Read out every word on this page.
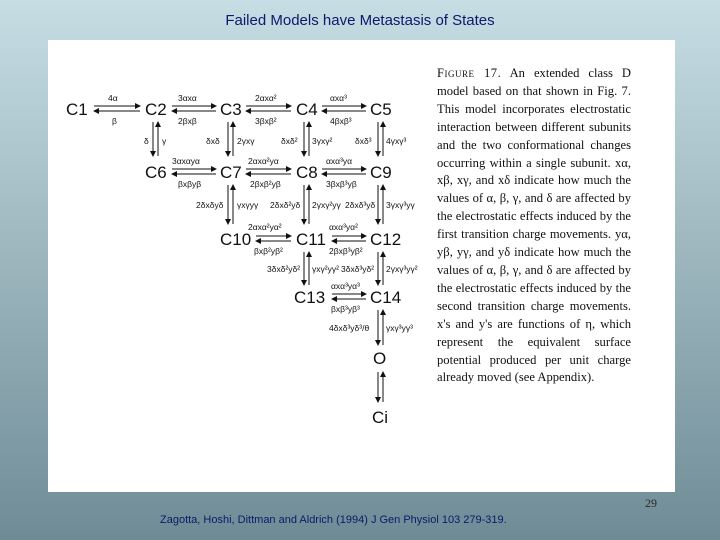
Failed Models have Metastasis of States
C1	C2	C3	C4	C5
4α
β
3αxα
2βxβ
2αxα²
3βxβ²
αxα³
4βxβ³
δ γ	δxδ 2γxγ	δxδ² 3γxγ²	δxδ³ 4γxγ³
C6	C7	C8	C9
3αxαyα
βxβyβ
2αxα²yα
2βxβ²yβ
αxα³yα
3βxβ³yβ
2δxδyδ γxγyγ 2δxδ²yδ 2γxγ²yγ 2δxδ³yδ 3γxγ³yγ
C10	C11	C12
2αxα²yα²
βxβ²yβ²
αxα³yα²
2βxβ³yβ²
3δxδ²yδ² γxγ²yγ² 3δxδ³yδ² 2γxγ³yγ²
C13	C14
αxα³yα³
βxβ³yβ³
4δxδ³yδ³/θ γxγ³yγ³
O
Ci
Figure 17. An extended class D model based on that shown in Fig. 7. This model incorporates electrostatic interaction between different subunits and the two conformational changes occurring within a single subunit. xα, xβ, xγ, and xδ indicate how much the values of α, β, γ, and δ are affected by the electrostatic effects induced by the first transition charge movements. yα, yβ, yγ, and yδ indicate how much the values of α, β, γ, and δ are affected by the electrostatic effects induced by the second transition charge movements. x's and y's are functions of η, which represent the equivalent surface potential produced per unit charge already moved (see Appendix).
29
Zagotta, Hoshi, Dittman and Aldrich (1994) J Gen Physiol 103 279-319.
